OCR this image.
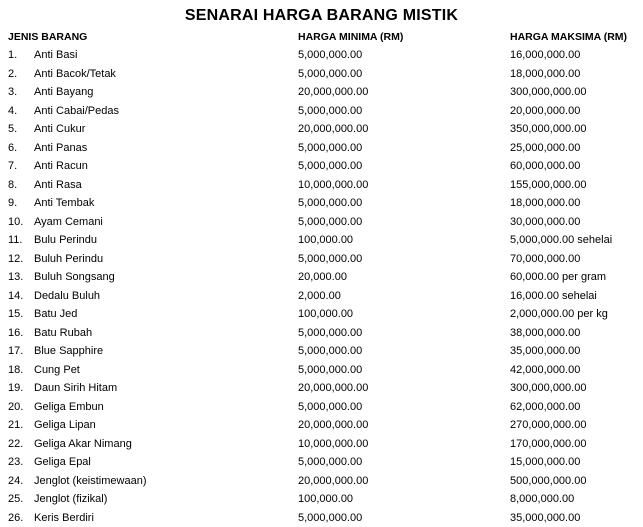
SENARAI HARGA BARANG MISTIK
JENIS BARANG	HARGA MINIMA (RM)	HARGA MAKSIMA (RM)
1. Anti Basi	5,000,000.00	16,000,000.00
2. Anti Bacok/Tetak	5,000,000.00	18,000,000.00
3. Anti Bayang	20,000,000.00	300,000,000.00
4. Anti Cabai/Pedas	5,000,000.00	20,000,000.00
5. Anti Cukur	20,000,000.00	350,000,000.00
6. Anti Panas	5,000,000.00	25,000,000.00
7. Anti Racun	5,000,000.00	60,000,000.00
8. Anti Rasa	10,000,000.00	155,000,000.00
9. Anti Tembak	5,000,000.00	18,000,000.00
10. Ayam Cemani	5,000,000.00	30,000,000.00
11. Bulu Perindu	100,000.00	5,000,000.00 sehelai
12. Buluh Perindu	5,000,000.00	70,000,000.00
13. Buluh Songsang	20,000.00	60,000.00 per gram
14. Dedalu Buluh	2,000.00	16,000.00 sehelai
15. Batu Jed	100,000.00	2,000,000.00 per kg
16. Batu Rubah	5,000,000.00	38,000,000.00
17. Blue Sapphire	5,000,000.00	35,000,000.00
18. Cung Pet	5,000,000.00	42,000,000.00
19. Daun Sirih Hitam	20,000,000.00	300,000,000.00
20. Geliga Embun	5,000,000.00	62,000,000.00
21. Geliga Lipan	20,000,000.00	270,000,000.00
22. Geliga Akar Nimang	10,000,000.00	170,000,000.00
23. Geliga Epal	5,000,000.00	15,000,000.00
24. Jenglot (keistimewaan)	20,000,000.00	500,000,000.00
25. Jenglot (fizikal)	100,000.00	8,000,000.00
26. Keris Berdiri	5,000,000.00	35,000,000.00
